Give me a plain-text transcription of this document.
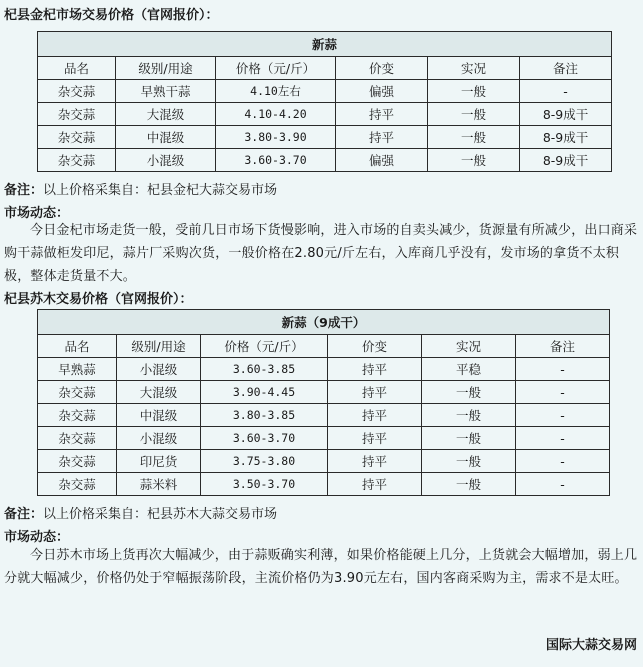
杞县金杞市场交易价格（官网报价）：
新蒜					
品名	级别/用途	价格（元/斤）	价变	实况	备注
杂交蒜	早熟干蒜	4.10左右	偏强	一般	-
杂交蒜	大混级	4.10-4.20	持平	一般	8-9成干
杂交蒜	中混级	3.80-3.90	持平	一般	8-9成干
杂交蒜	小混级	3.60-3.70	偏强	一般	8-9成干
备注：以上价格采集自：杞县金杞大蒜交易市场
市场动态：
今日金杞市场走货一般，受前几日市场下货慢影响，进入市场的自卖头减少，货源量有所减少，出口商采购干蒜做柜发印尼，蒜片厂采购次货，一般价格在2.80元/斤左右，入库商几乎没有，发市场的拿货不太积极，整体走货量不大。
杞县苏木交易价格（官网报价）：
新蒜（9成干）					
品名	级别/用途	价格（元/斤）	价变	实况	备注
早熟蒜	小混级	3.60-3.85	持平	平稳	-
杂交蒜	大混级	3.90-4.45	持平	一般	-
杂交蒜	中混级	3.80-3.85	持平	一般	-
杂交蒜	小混级	3.60-3.70	持平	一般	-
杂交蒜	印尼货	3.75-3.80	持平	一般	-
杂交蒜	蒜米料	3.50-3.70	持平	一般	-
备注：以上价格采集自：杞县苏木大蒜交易市场
市场动态：
今日苏木市场上货再次大幅减少，由于蒜贩确实利薄，如果价格能硬上几分，上货就会大幅增加，弱上几分就大幅减少，价格仍处于窄幅振荡阶段，主流价格仍为3.90元左右，国内客商采购为主，需求不是太旺。
国际大蒜交易网
